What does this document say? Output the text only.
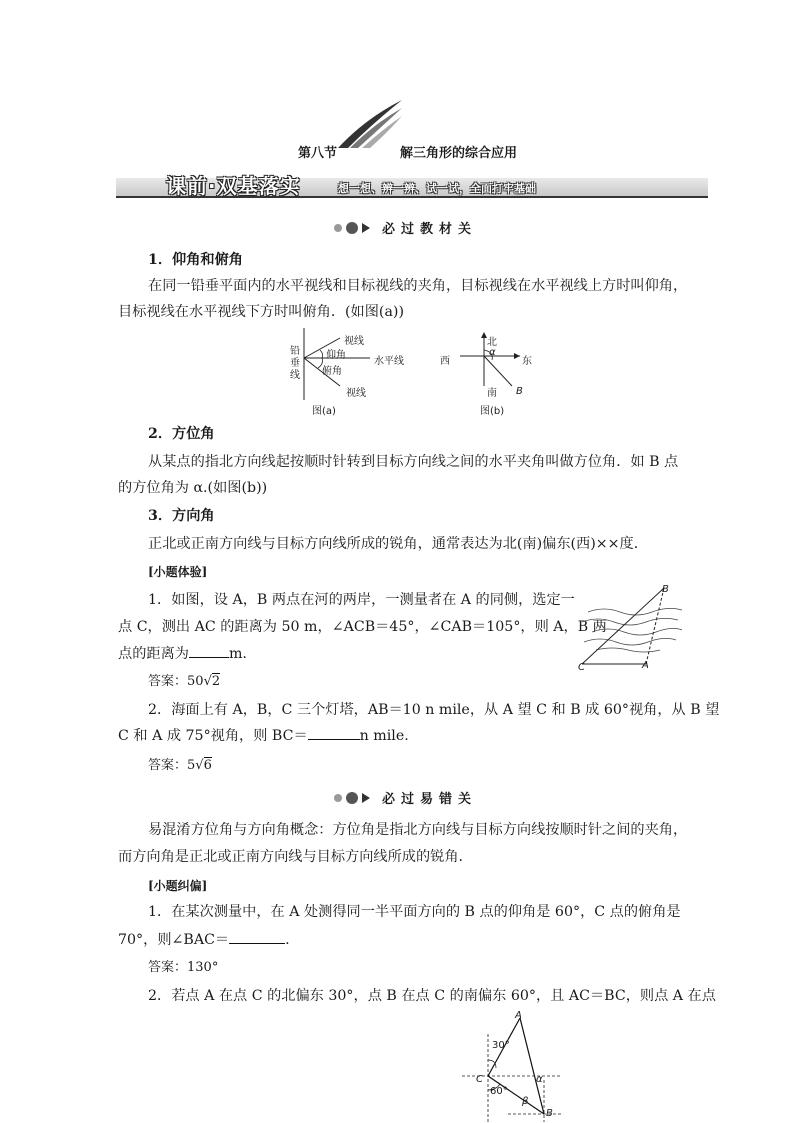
第八节	解三角形的综合应用
课前·双基落实	想一想、辨一辨、试一试，全面打牢基础
必过教材关
1．仰角和俯角
在同一铅垂平面内的水平视线和目标视线的夹角，目标视线在水平视线上方时叫仰角，
目标视线在水平视线下方时叫俯角．(如图(a))
铅垂线
视线
仰角
水平线
俯角
视线
图(a)
北
西	东
α
南 B
图(b)
2．方位角
从某点的指北方向线起按顺时针转到目标方向线之间的水平夹角叫做方位角．如 B 点
的方位角为 α.(如图(b))
3．方向角
正北或正南方向线与目标方向线所成的锐角，通常表达为北(南)偏东(西)××度．
[小题体验]
1．如图，设 A，B 两点在河的两岸，一测量者在 A 的同侧，选定一
点 C，测出 AC 的距离为 50 m，∠ACB＝45°，∠CAB＝105°，则 A，B 两
点的距离为	m.
B
C	A
答案：50√2
2．海面上有 A，B，C 三个灯塔，AB＝10 n mile，从 A 望 C 和 B 成 60°视角，从 B 望
C 和 A 成 75°视角，则 BC＝	n mile.
答案：5√6
必过易错关
易混淆方位角与方向角概念：方位角是指北方向线与目标方向线按顺时针之间的夹角，
而方向角是正北或正南方向线与目标方向线所成的锐角．
[小题纠偏]
1．在某次测量中，在 A 处测得同一半平面方向的 B 点的仰角是 60°，C 点的俯角是
70°，则∠BAC＝	.
答案：130°
2．若点 A 在点 C 的北偏东 30°，点 B 在点 C 的南偏东 60°，且 AC＝BC，则点 A 在点
A
30°
C
60°
α
β
B
